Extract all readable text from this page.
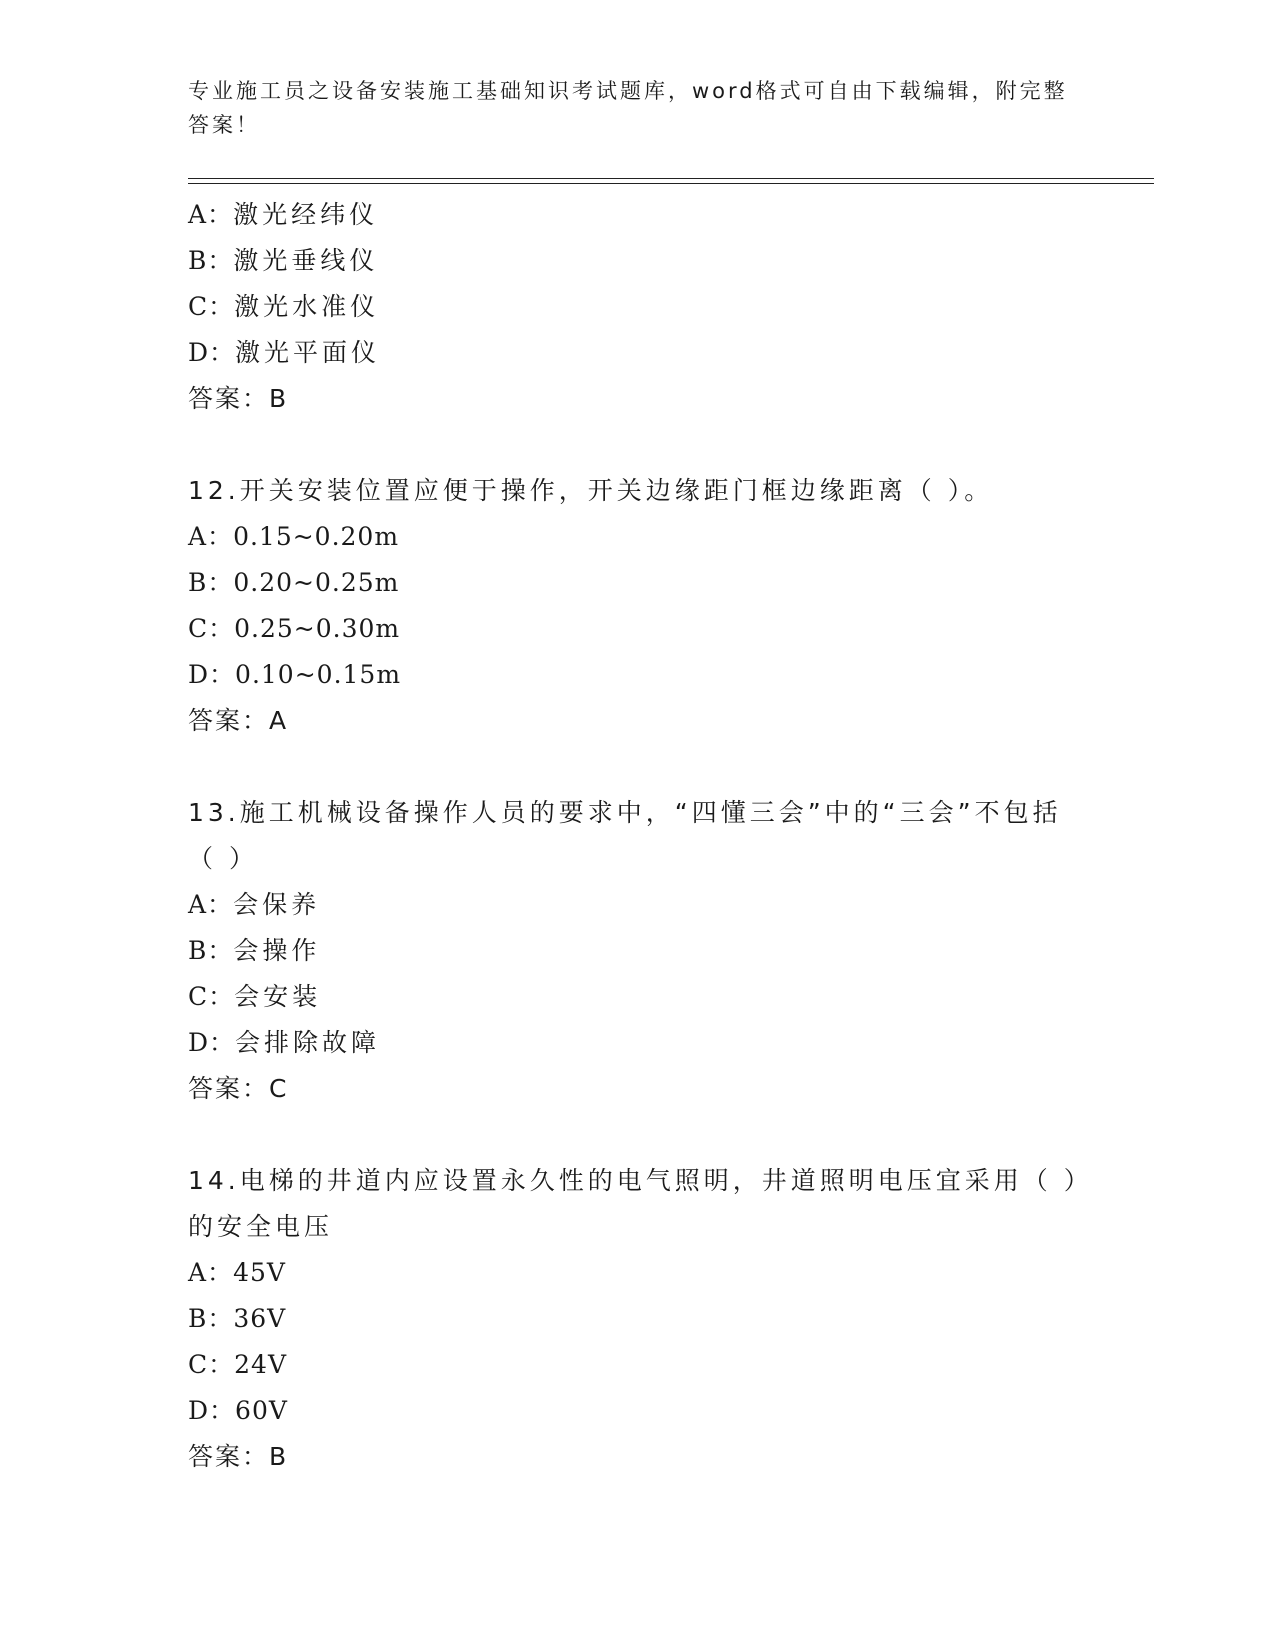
专业施工员之设备安装施工基础知识考试题库，word格式可自由下载编辑，附完整答案！
A：激光经纬仪
B：激光垂线仪
C：激光水准仪
D：激光平面仪
答案：B
12.开关安装位置应便于操作，开关边缘距门框边缘距离（ ）。
A：0.15~0.20m
B：0.20~0.25m
C：0.25~0.30m
D：0.10~0.15m
答案：A
13.施工机械设备操作人员的要求中，“四懂三会”中的“三会”不包括（ ）
A：会保养
B：会操作
C：会安装
D：会排除故障
答案：C
14.电梯的井道内应设置永久性的电气照明，井道照明电压宜采用（ ）的安全电压
A：45V
B：36V
C：24V
D：60V
答案：B
